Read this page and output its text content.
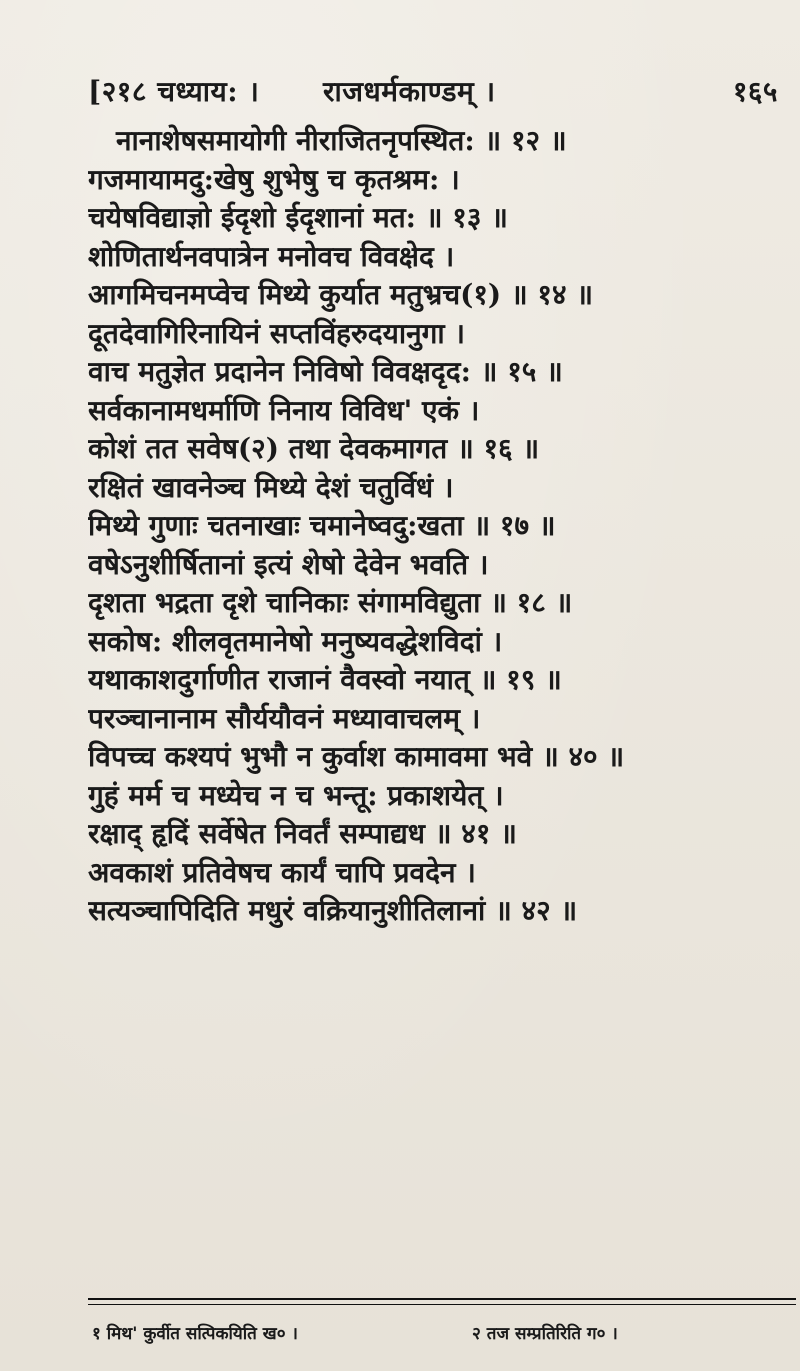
[२१८ चध्याय: । राजधर्मकाण्डम् ।	१६५
नानाशेषसमायोगी नीराजितनृपस्थित: ॥ १२ ॥
गजमायामदु:खेषु शुभेषु च कृतश्रम: ।
चयेषविद्याज्ञो ईदृशो ईदृशानां मत: ॥ १३ ॥
शोणितार्थनवपात्रेन मनोवच विवक्षेद ।
आगमिचनमप्वेच मिथ्ये कुर्यात मतुभ्रच(१) ॥ १४ ॥
दूतदेवागिरिनायिनं सप्तविंहरुदयानुगा ।
वाच मतुज्ञेत प्रदानेन निविषो विवक्षदृद: ॥ १५ ॥
सर्वकानामधर्माणि निनाय विविध' एकं ।
कोशं तत सवेष(२) तथा देवकमागत ॥ १६ ॥
रक्षितं खावनेञ्च मिथ्ये देशं चतुर्विधं ।
मिथ्ये गुणाः चतनाखाः चमानेष्वदु:खता ॥ १७ ॥
वषेऽनुशीर्षितानां इत्यं शेषो देवेन भवति ।
दृशता भद्रता दृशे चानिकाः संगामविद्युता ॥ १८ ॥
सकोष: शीलवृतमानेषो मनुष्यवद्धेशविदां ।
यथाकाशदुर्गाणीत राजानं वैवस्वो नयात् ॥ १९ ॥
परञ्चानानाम सौर्ययौवनं मध्यावाचलम् ।
विपच्च कश्यपं भुभौ न कुर्वाश कामावमा भवे ॥ ४० ॥
गुहं मर्म च मध्येच न च भन्तू: प्रकाशयेत् ।
रक्षाद् हृदिं सर्वेषेत निवर्तं सम्पाद्यध ॥ ४१ ॥
अवकाशं प्रतिवेषच कार्यं चापि प्रवदेन ।
सत्यञ्चापिदिति मधुरं वक्रियानुशीतिलानां ॥ ४२ ॥
१ मिथ' कुर्वीत सत्पिकयिति ख० ।	२ तज सम्प्रतिरिति ग० ।
